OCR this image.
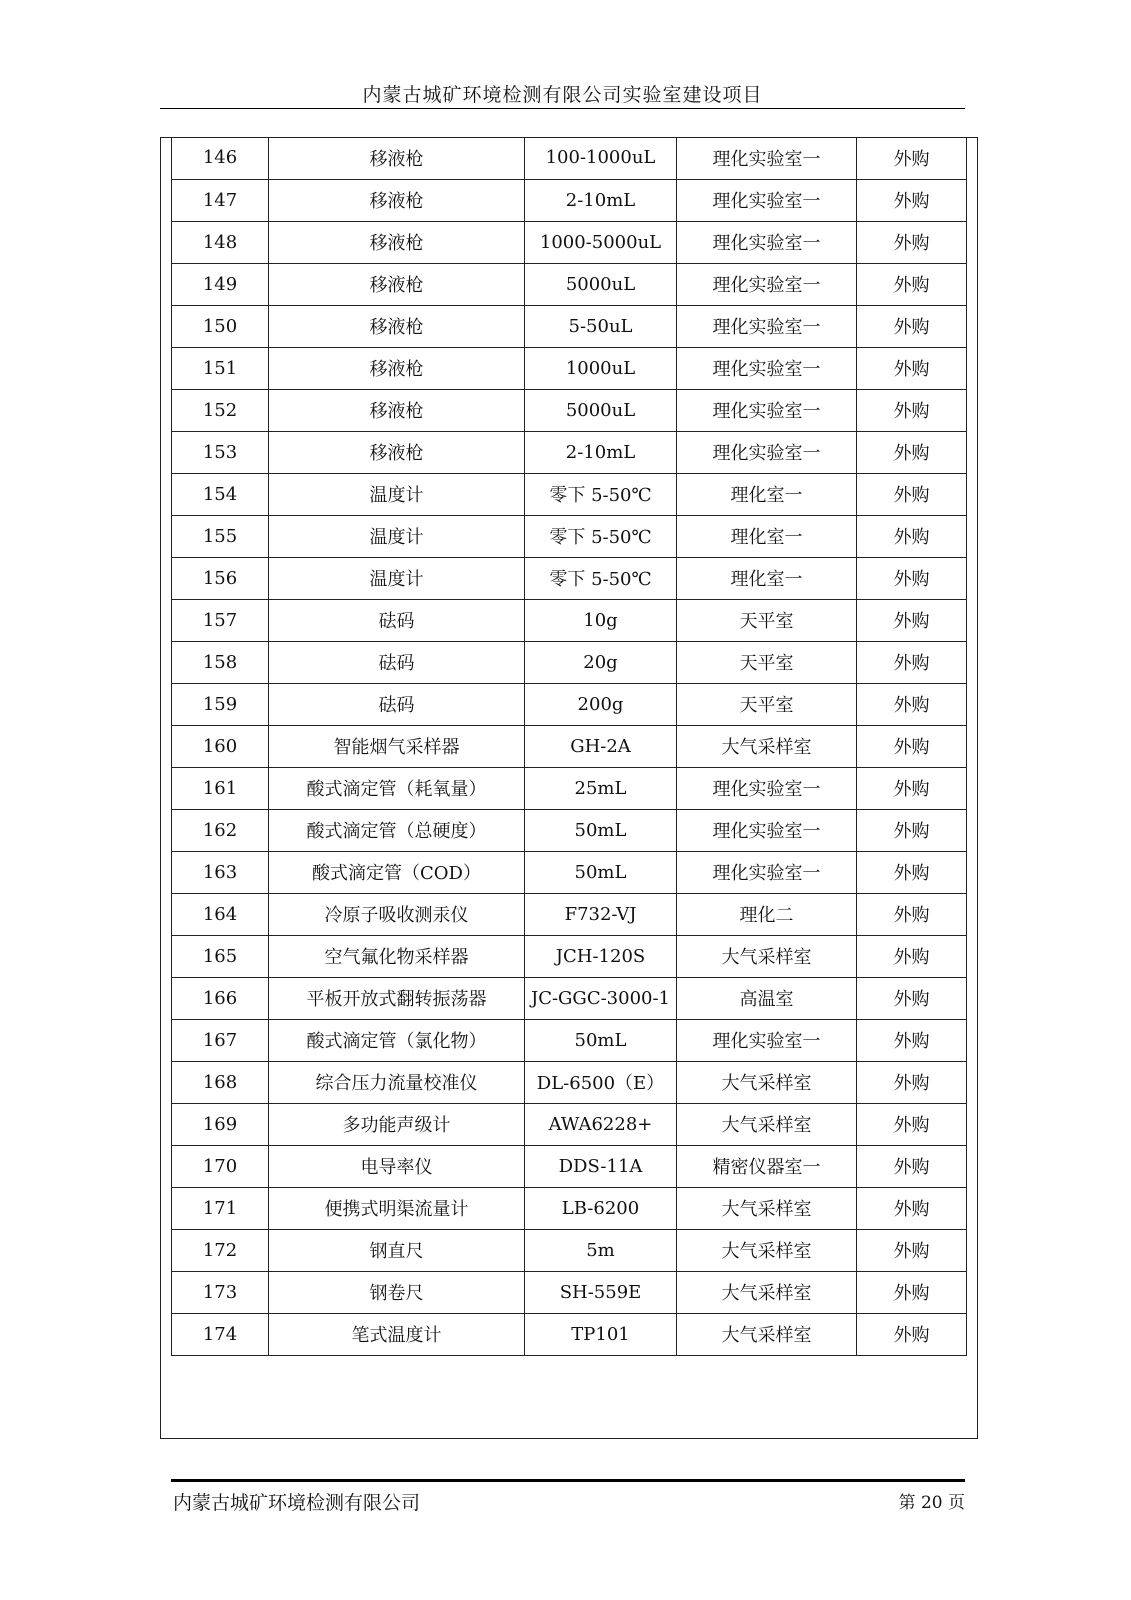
内蒙古城矿环境检测有限公司实验室建设项目
146	移液枪	100-1000uL	理化实验室一	外购
147	移液枪	2-10mL	理化实验室一	外购
148	移液枪	1000-5000uL	理化实验室一	外购
149	移液枪	5000uL	理化实验室一	外购
150	移液枪	5-50uL	理化实验室一	外购
151	移液枪	1000uL	理化实验室一	外购
152	移液枪	5000uL	理化实验室一	外购
153	移液枪	2-10mL	理化实验室一	外购
154	温度计	零下 5-50℃	理化室一	外购
155	温度计	零下 5-50℃	理化室一	外购
156	温度计	零下 5-50℃	理化室一	外购
157	砝码	10g	天平室	外购
158	砝码	20g	天平室	外购
159	砝码	200g	天平室	外购
160	智能烟气采样器	GH-2A	大气采样室	外购
161	酸式滴定管（耗氧量）	25mL	理化实验室一	外购
162	酸式滴定管（总硬度）	50mL	理化实验室一	外购
163	酸式滴定管（COD）	50mL	理化实验室一	外购
164	冷原子吸收测汞仪	F732-VJ	理化二	外购
165	空气氟化物采样器	JCH-120S	大气采样室	外购
166	平板开放式翻转振荡器	JC-GGC-3000-1	高温室	外购
167	酸式滴定管（氯化物）	50mL	理化实验室一	外购
168	综合压力流量校准仪	DL-6500（E）	大气采样室	外购
169	多功能声级计	AWA6228+	大气采样室	外购
170	电导率仪	DDS-11A	精密仪器室一	外购
171	便携式明渠流量计	LB-6200	大气采样室	外购
172	钢直尺	5m	大气采样室	外购
173	钢卷尺	SH-559E	大气采样室	外购
174	笔式温度计	TP101	大气采样室	外购
内蒙古城矿环境检测有限公司	第 20 页
